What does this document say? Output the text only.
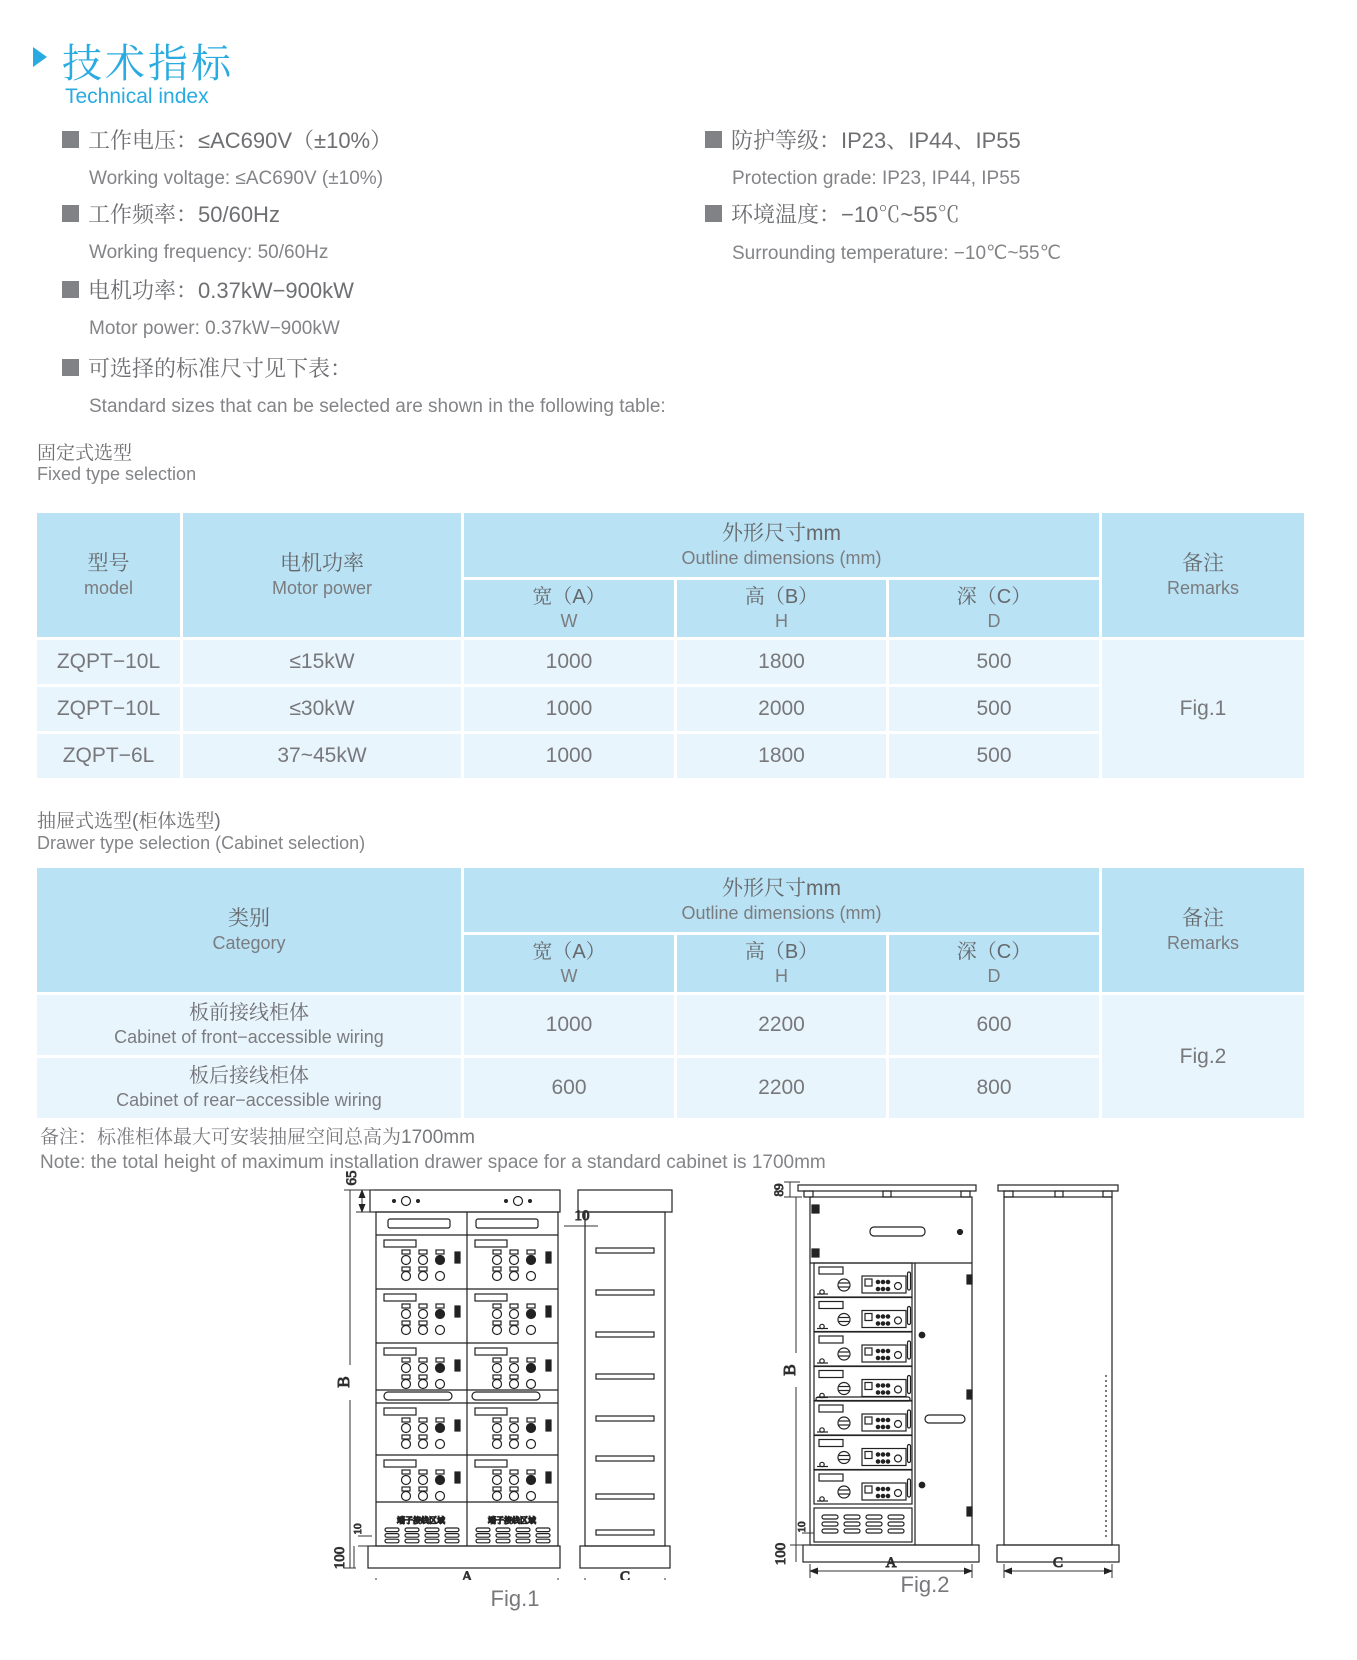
技术指标
Technical index
工作电压：≤AC690V（±10%）
Working voltage: ≤AC690V (±10%)
工作频率：50/60Hz
Working frequency: 50/60Hz
电机功率：0.37kW−900kW
Motor power: 0.37kW−900kW
可选择的标准尺寸见下表：
Standard sizes that can be selected are shown in the following table:
防护等级：IP23、IP44、IP55
Protection grade: IP23, IP44, IP55
环境温度：−10℃~55℃
Surrounding temperature: −10℃~55℃
固定式选型
Fixed type selection
型号
model
电机功率
Motor power
外形尺寸mm
Outline dimensions (mm)
宽（A）
W
高（B）
H
深（C）
D
备注
Remarks
ZQPT−10L	≤15kW	1000	1800	500
ZQPT−10L	≤30kW	1000	2000	500
ZQPT−6L	37~45kW	1000	1800	500
Fig.1
抽屉式选型(柜体选型)
Drawer type selection (Cabinet selection)
类别
Category
外形尺寸mm
Outline dimensions (mm)
宽（A）
W
高（B）
H
深（C）
D
备注
Remarks
板前接线柜体
Cabinet of front−accessible wiring
1000	2200	600
板后接线柜体
Cabinet of rear−accessible wiring
600	2200	800
Fig.2
备注：标准柜体最大可安装抽屉空间总高为1700mm
Note: the total height of maximum installation drawer space for a standard cabinet is 1700mm
端子接线区域	端子接线区域
65
B
10
100
10
A	C
Fig.1
89
B
10
100	A	C
Fig.2
